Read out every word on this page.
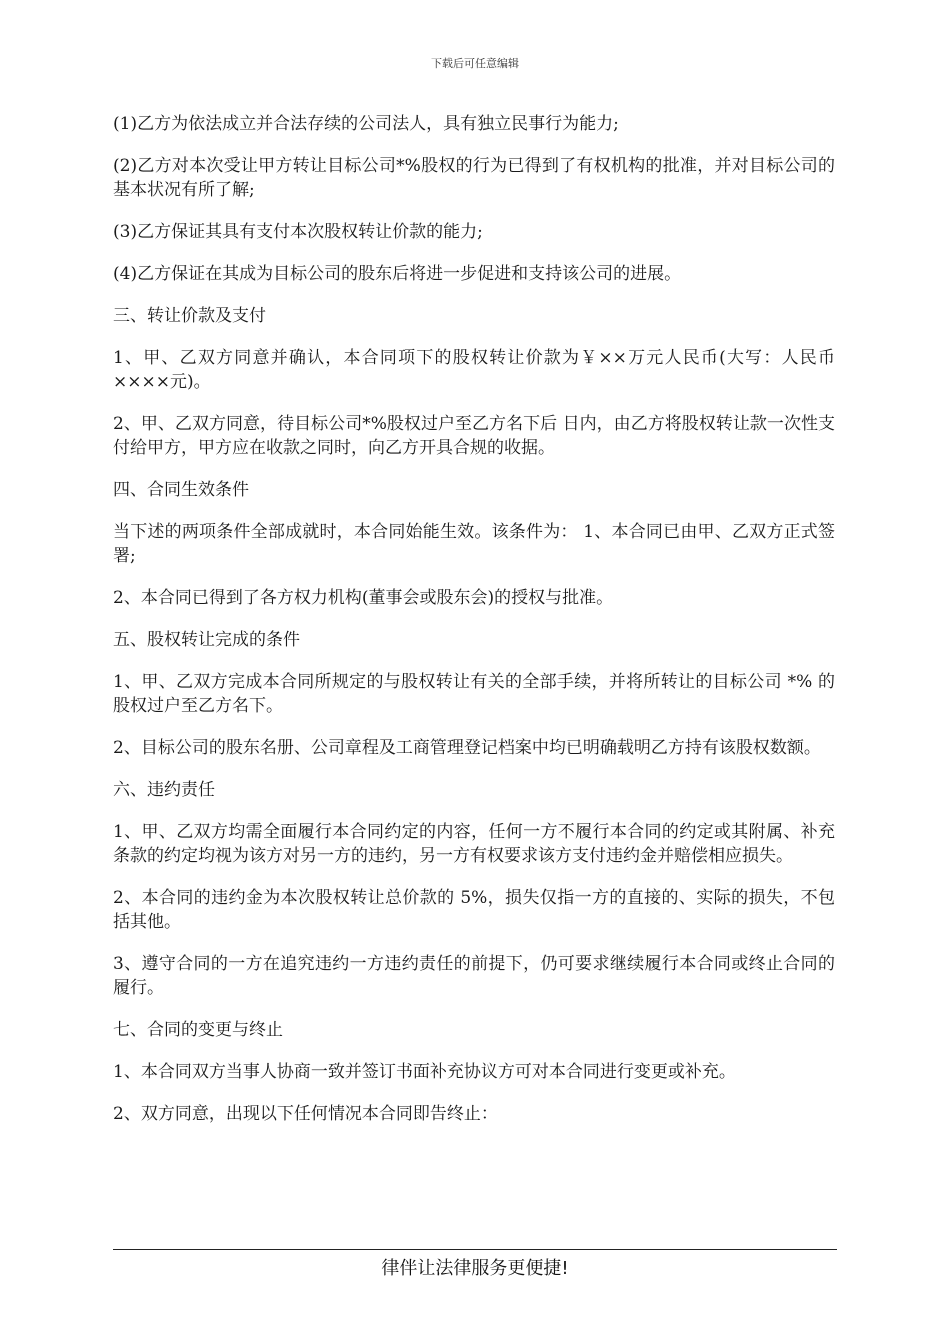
下载后可任意编辑

(1)乙方为依法成立并合法存续的公司法人，具有独立民事行为能力;

(2)乙方对本次受让甲方转让目标公司*%股权的行为已得到了有权机构的批准，并对目标公司的基本状况有所了解;

(3)乙方保证其具有支付本次股权转让价款的能力;

(4)乙方保证在其成为目标公司的股东后将进一步促进和支持该公司的进展。

三、转让价款及支付

1、甲、乙双方同意并确认，本合同项下的股权转让价款为￥××万元人民币(大写：人民币××××元)。

2、甲、乙双方同意，待目标公司*%股权过户至乙方名下后 日内，由乙方将股权转让款一次性支付给甲方，甲方应在收款之同时，向乙方开具合规的收据。

四、合同生效条件

当下述的两项条件全部成就时，本合同始能生效。该条件为： 1、本合同已由甲、乙双方正式签署;

2、本合同已得到了各方权力机构(董事会或股东会)的授权与批准。

五、股权转让完成的条件

1、甲、乙双方完成本合同所规定的与股权转让有关的全部手续，并将所转让的目标公司 *% 的股权过户至乙方名下。

2、目标公司的股东名册、公司章程及工商管理登记档案中均已明确载明乙方持有该股权数额。

六、违约责任

1、甲、乙双方均需全面履行本合同约定的内容，任何一方不履行本合同的约定或其附属、补充条款的约定均视为该方对另一方的违约，另一方有权要求该方支付违约金并赔偿相应损失。

2、本合同的违约金为本次股权转让总价款的 5%，损失仅指一方的直接的、实际的损失，不包括其他。

3、遵守合同的一方在追究违约一方违约责任的前提下，仍可要求继续履行本合同或终止合同的履行。

七、合同的变更与终止

1、本合同双方当事人协商一致并签订书面补充协议方可对本合同进行变更或补充。

2、双方同意，出现以下任何情况本合同即告终止：

律伴让法律服务更便捷!
